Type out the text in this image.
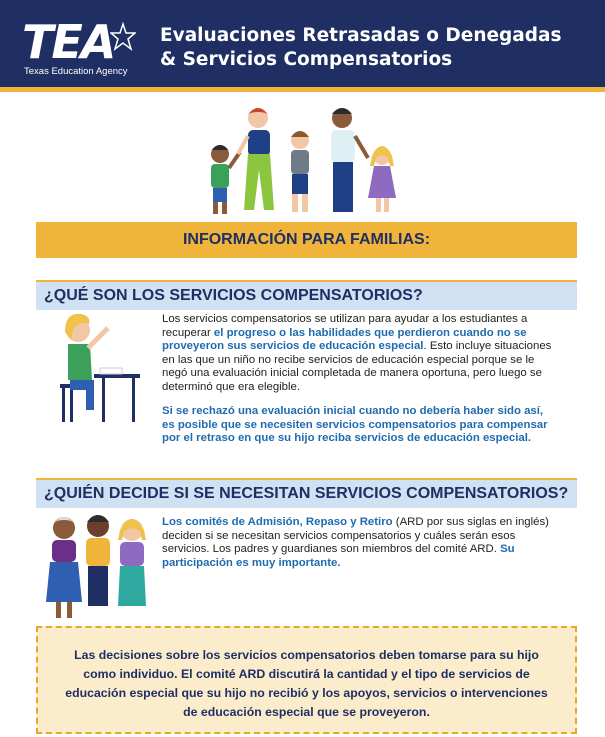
TEA
Texas Education Agency
Evaluaciones Retrasadas o Denegadas
& Servicios Compensatorios
INFORMACIÓN PARA FAMILIAS:
¿QUÉ SON LOS SERVICIOS COMPENSATORIOS?
Los servicios compensatorios se utilizan para ayudar a los estudiantes a recuperar el progreso o las habilidades que perdieron cuando no se proveyeron sus servicios de educación especial. Esto incluye situaciones en las que un niño no recibe servicios de educación especial porque se le negó una evaluación inicial completada de manera oportuna, pero luego se determinó que era elegible.
Si se rechazó una evaluación inicial cuando no debería haber sido así, es posible que se necesiten servicios compensatorios para compensar por el retraso en que su hijo reciba servicios de educación especial.
¿QUIÉN DECIDE SI SE NECESITAN SERVICIOS COMPENSATORIOS?
Los comités de Admisión, Repaso y Retiro (ARD por sus siglas en inglés) deciden si se necesitan servicios compensatorios y cuáles serán esos servicios. Los padres y guardianes son miembros del comité ARD. Su participación es muy importante.
Las decisiones sobre los servicios compensatorios deben tomarse para su hijo como individuo. El comité ARD discutirá la cantidad y el tipo de servicios de educación especial que su hijo no recibió y los apoyos, servicios o intervenciones de educación especial que se proveyeron.
